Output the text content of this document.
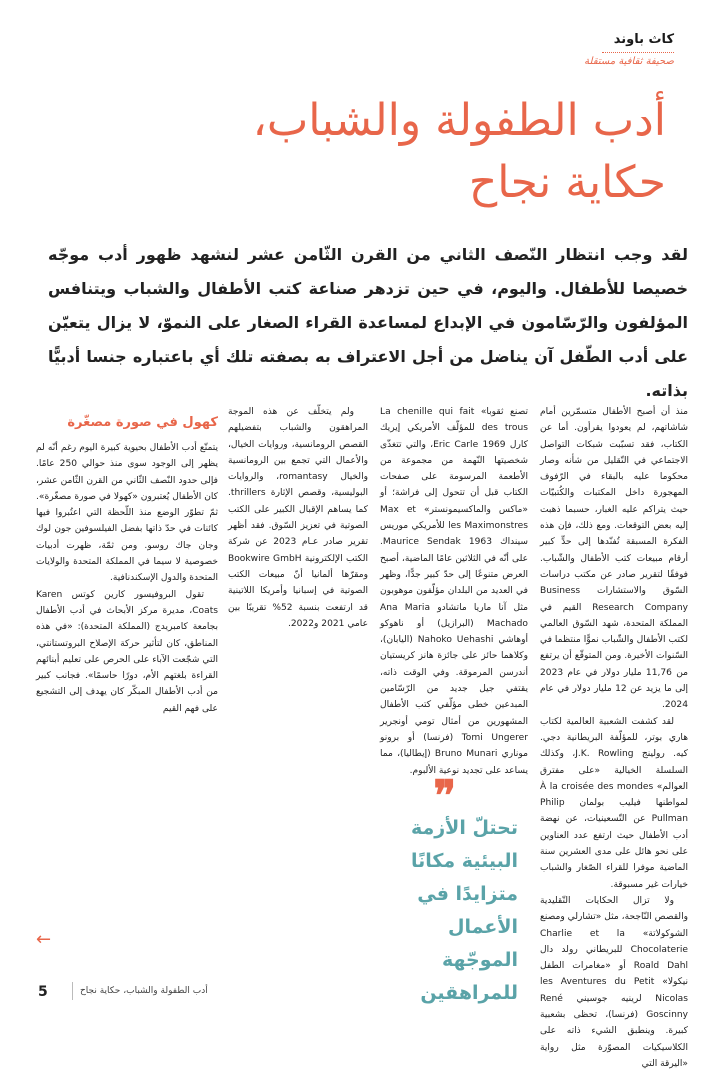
كاث باوند
صحيفة ثقافية مستقلة
أدب الطفولة والشباب،
حكاية نجاح

لقد وجب انتظار النّصف الثاني من القرن الثّامن عشر لنشهد ظهور أدب موجّه خصيصا للأطفال. واليوم، في حين تزدهر صناعة كتب الأطفال والشباب ويتنافس المؤلفون والرّسّامون في الإبداع لمساعدة القراء الصغار على النموّ، لا يزال يتعيّن على أدب الطّفل آن يناضل من أجل الاعتراف به بصفته تلك أي باعتباره جنسا أدبيًّا بذاته.

منذ أن أصبح الأطفال متسمّرين أمام شاشاتهم، لم يعودوا يقرأون. أما عن الكتاب، فقد تسبّبت شبكات التواصل الاجتماعي في التّقليل من شأنه وصار محكوما عليه بالبقاء في الرّفوف المهجورة داخل المكتبات والكُتبيّات حيث يتراكم عليه الغبار، حسبما ذهبت إليه بعض التوقعات. ومع ذلك، فإن هذه الفكرة المسبقة تُفنّدها إلى حدٍّ كبير أرقام مبيعات كتب الأطفال والشّباب. فوفقًا لتقرير صادر عن مكتب دراسات السّوق والاستشارات Business Research Company القيم في المملكة المتحدة، شهد السّوق العالمي لكتب الأطفال والشّباب نموًّا منتظما في السّنوات الأخيرة. ومن المتوقّع أن يرتفع من 11,76 مليار دولار في عام 2023 إلى ما يزيد عن 12 مليار دولار في عام 2024.

لقد كشفت الشعبية العالمية لكتاب هاري بوتر، للمؤلّفة البريطانية دجي. كيه. رولينج J.K. Rowling، وكذلك السلسلة الخيالية «على مفترق العوالم» À la croisée des mondes لمواطنها فيليب بولمان Philip Pullman عن التّسعينيات، عن نهضة أدب الأطفال حيث ارتفع عدد العناوين على نحو هائل على مدى العشرين سنة الماضية موفرا للقراء الصّغار والشباب خيارات غير مسبوقة.

ولا تزال الحكايات التّقليدية والقصص النّاجحة، مثل «تشارلي ومصنع الشوكولاتة» Charlie et la Chocolaterie للبريطاني رولد دال Roald Dahl أو «مغامرات الطفل نيكولا» les Aventures du Petit Nicolas لرينيه جوسيني René Goscinny (فرنسا)، تحظى بشعبية كبيرة. وينطبق الشيء ذاته على الكلاسيكيات المصوّرة مثل رواية «اليرقة التي

تصنع ثقوبا» La chenille qui fait des trous للمؤلّف الأمريكي إيريك كارل Eric Carle 1969، والتي تتغذّى شخصيتها النّهمة من مجموعة من الأطعمة المرسومة على صفحات الكتاب قبل أن تتحول إلى فراشة؛ أو «ماكس والماكسيمونستر» Max et les Maximonstres للأمريكي موريس سينداك Maurice Sendak 1963. على أنّه في الثلاثين عامًا الماضية، أصبح العرض متنوعًا إلى حدّ كبير جدًّا، وظهر في العديد من البلدان مؤلّفون موهوبون مثل آنا ماريا ماتشادو Ana Maria Machado (البرازيل) أو ناهوكو أوهاشي Nahoko Uehashi (اليابان)، وكلاهما حائز على جائزة هانز كريستيان أندرسن المرموقة. وفي الوقت ذاته، يقتفي جيل جديد من الرّسّامين المبدعين خطى مؤلّفي كتب الأطفال المشهورين من أمثال تومي أونجرير Tomi Ungerer (فرنسا) أو برونو موناري Bruno Munari (إيطاليا)، مما يساعد على تجديد نوعية الألبوم.

ولم يتخلّف عن هذه الموجة المراهقون والشباب بتفضيلهم القصص الرومانسية، وروايات الخيال، والأعمال التي تجمع بين الرومانسية والخيال romantasy، والروايات البوليسية، وقصص الإثارة thrillers. كما يساهم الإقبال الكبير على الكتب الصوتية في تعزيز السّوق. فقد أظهر تقرير صادر عـام 2023 عن شركة الكتب الإلكترونية Bookwire GmbH ومقرّها ألمانيا أنّ مبيعات الكتب الصوتية في إسبانيا وأمريكا اللاتينية قد ارتفعت بنسبة 52% تقريبًا بين عامي 2021 و2022.

كهول في صورة مصغّرة

يتمتّع أدب الأطفال بحيوية كبيرة اليوم رغم أنّه لم يظهر إلى الوجود سوى منذ حوالي 250 عامًا. فإلى حدود النّصف الثّاني من القرن الثّامن عشر، كان الأطفال يُعتبرون «كهولا في صورة مصغّرة». ثمّ تطوّر الوضع منذ اللّحظة التي اعتُبروا فيها كائنات في حدّ ذاتها بفضل الفيلسوفين جون لوك وجان جاك روسو. ومن ثمّة، ظهرت أدبيات خصوصية لا سيما في المملكة المتحدة والولايات المتحدة والدول الإسكندنافية.

تقول البروفيسور كارين كوتس Karen Coats، مديرة مركز الأبحاث في أدب الأطفال بجامعة كامبريدج (المملكة المتحدة): «في هذه المناطق، كان لتأثير حركة الإصلاح البروتستانتي، التي شجّعت الآباء على الحرص على تعليم أبنائهم القراءة بلغتهم الأم، دورًا حاسمًا». فجانب كبير من أدب الأطفال المبكّر كان يهدف إلى التشجيع على فهم القيم

❞
تحتلّ الأزمة البيئية مكانًا متزايدًا في الأعمال الموجّهة للمراهقين
←
5	أدب الطفولة والشباب، حكاية نجاح
